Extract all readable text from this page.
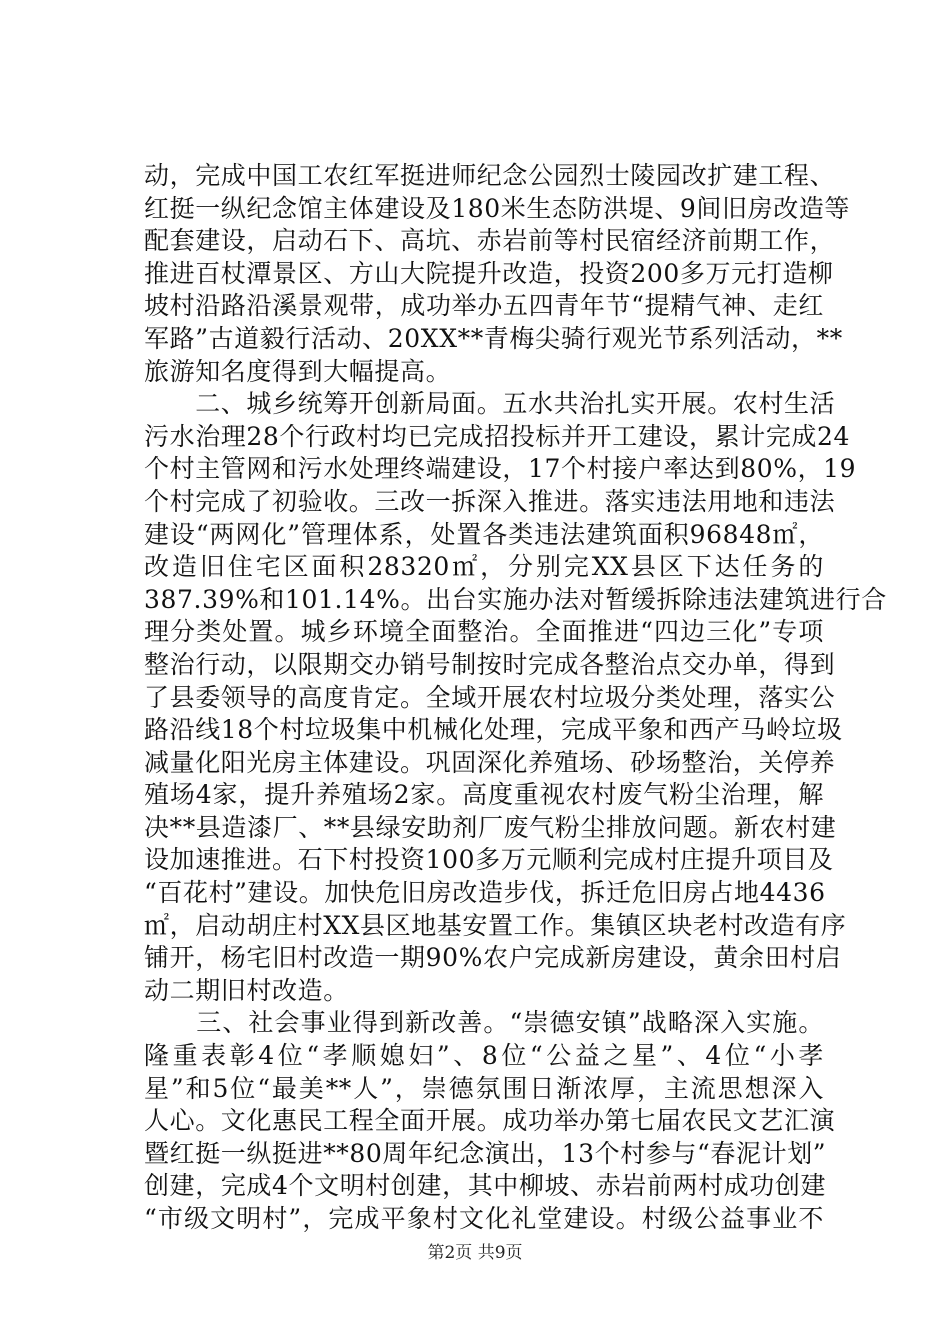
动，完成中国工农红军挺进师纪念公园烈士陵园改扩建工程、
红挺一纵纪念馆主体建设及180米生态防洪堤、9间旧房改造等
配套建设，启动石下、高坑、赤岩前等村民宿经济前期工作，
推进百杖潭景区、方山大院提升改造，投资200多万元打造柳
坡村沿路沿溪景观带，成功举办五四青年节“提精气神、走红
军路”古道毅行活动、20XX**青梅尖骑行观光节系列活动，**
旅游知名度得到大幅提高。
　　二、城乡统筹开创新局面。五水共治扎实开展。农村生活
污水治理28个行政村均已完成招投标并开工建设，累计完成24
个村主管网和污水处理终端建设，17个村接户率达到80%，19
个村完成了初验收。三改一拆深入推进。落实违法用地和违法
建设“两网化”管理体系，处置各类违法建筑面积96848㎡，
改造旧住宅区面积28320㎡，分别完XX县区下达任务的
387.39%和101.14%。出台实施办法对暂缓拆除违法建筑进行合
理分类处置。城乡环境全面整治。全面推进“四边三化”专项
整治行动，以限期交办销号制按时完成各整治点交办单，得到
了县委领导的高度肯定。全域开展农村垃圾分类处理，落实公
路沿线18个村垃圾集中机械化处理，完成平象和西产马岭垃圾
减量化阳光房主体建设。巩固深化养殖场、砂场整治，关停养
殖场4家，提升养殖场2家。高度重视农村废气粉尘治理，解
决**县造漆厂、**县绿安助剂厂废气粉尘排放问题。新农村建
设加速推进。石下村投资100多万元顺利完成村庄提升项目及
“百花村”建设。加快危旧房改造步伐，拆迁危旧房占地4436
㎡，启动胡庄村XX县区地基安置工作。集镇区块老村改造有序
铺开，杨宅旧村改造一期90%农户完成新房建设，黄余田村启
动二期旧村改造。
　　三、社会事业得到新改善。“崇德安镇”战略深入实施。
隆重表彰4位“孝顺媳妇”、8位“公益之星”、4位“小孝
星”和5位“最美**人”，崇德氛围日渐浓厚，主流思想深入
人心。文化惠民工程全面开展。成功举办第七届农民文艺汇演
暨红挺一纵挺进**80周年纪念演出，13个村参与“春泥计划”
创建，完成4个文明村创建，其中柳坡、赤岩前两村成功创建
“市级文明村”，完成平象村文化礼堂建设。村级公益事业不
第2页 共9页
